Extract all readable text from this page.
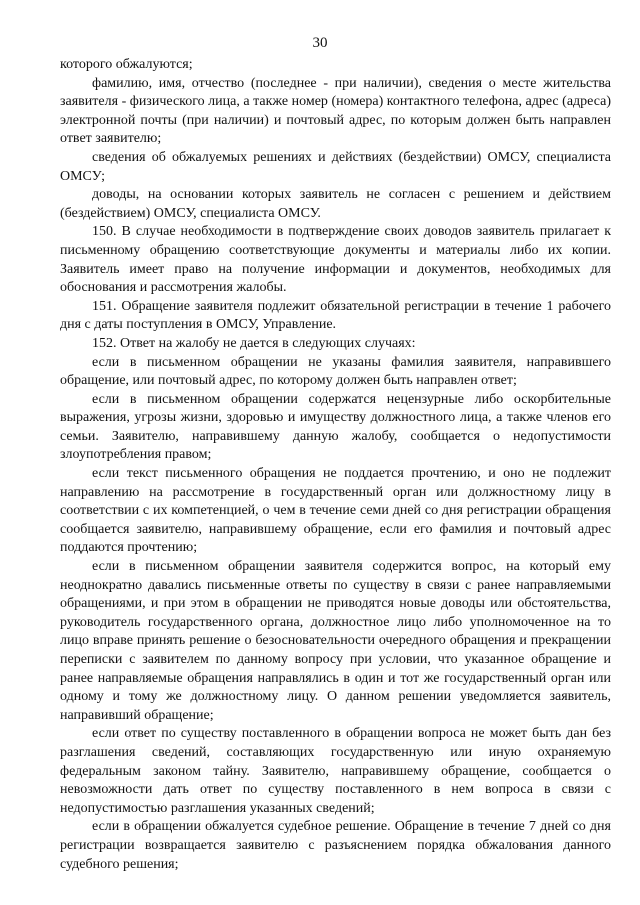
30

которого обжалуются;

фамилию, имя, отчество (последнее - при наличии), сведения о месте жительства заявителя - физического лица, а также номер (номера) контактного телефона, адрес (адреса) электронной почты (при наличии) и почтовый адрес, по которым должен быть направлен ответ заявителю;

сведения об обжалуемых решениях и действиях (бездействии) ОМСУ, специалиста ОМСУ;

доводы, на основании которых заявитель не согласен с решением и действием (бездействием) ОМСУ, специалиста ОМСУ.

150. В случае необходимости в подтверждение своих доводов заявитель прилагает к письменному обращению соответствующие документы и материалы либо их копии. Заявитель имеет право на получение информации и документов, необходимых для обоснования и рассмотрения жалобы.

151. Обращение заявителя подлежит обязательной регистрации в течение 1 рабочего дня с даты поступления в ОМСУ, Управление.

152. Ответ на жалобу не дается в следующих случаях:

если в письменном обращении не указаны фамилия заявителя, направившего обращение, или почтовый адрес, по которому должен быть направлен ответ;

если в письменном обращении содержатся нецензурные либо оскорбительные выражения, угрозы жизни, здоровью и имуществу должностного лица, а также членов его семьи. Заявителю, направившему данную жалобу, сообщается о недопустимости злоупотребления правом;

если текст письменного обращения не поддается прочтению, и оно не подлежит направлению на рассмотрение в государственный орган или должностному лицу в соответствии с их компетенцией, о чем в течение семи дней со дня регистрации обращения сообщается заявителю, направившему обращение, если его фамилия и почтовый адрес поддаются прочтению;

если в письменном обращении заявителя содержится вопрос, на который ему неоднократно давались письменные ответы по существу в связи с ранее направляемыми обращениями, и при этом в обращении не приводятся новые доводы или обстоятельства, руководитель государственного органа, должностное лицо либо уполномоченное на то лицо вправе принять решение о безосновательности очередного обращения и прекращении переписки с заявителем по данному вопросу при условии, что указанное обращение и ранее направляемые обращения направлялись в один и тот же государственный орган или одному и тому же должностному лицу. О данном решении уведомляется заявитель, направивший обращение;

если ответ по существу поставленного в обращении вопроса не может быть дан без разглашения сведений, составляющих государственную или иную охраняемую федеральным законом тайну. Заявителю, направившему обращение, сообщается о невозможности дать ответ по существу поставленного в нем вопроса в связи с недопустимостью разглашения указанных сведений;

если в обращении обжалуется судебное решение. Обращение в течение 7 дней со дня регистрации возвращается заявителю с разъяснением порядка обжалования данного судебного решения;
